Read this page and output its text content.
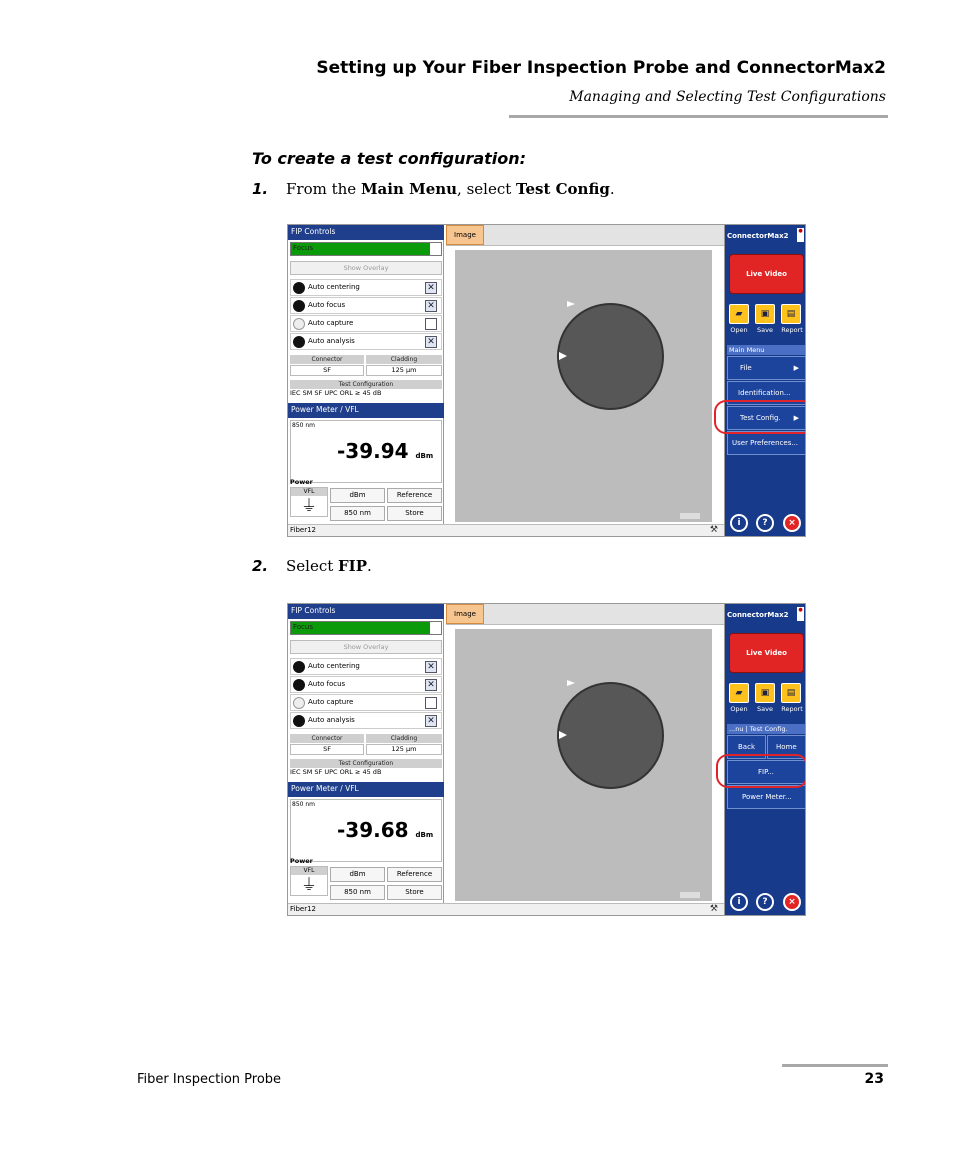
Setting up Your Fiber Inspection Probe and ConnectorMax2
Managing and Selecting Test Configurations
To create a test configuration:
1. From the Main Menu, select Test Config.
FIP Controls
Focus
Show Overlay
Auto centering	✕
Auto focus	✕
Auto capture
Auto analysis	✕
Connector	Cladding
SF	125 µm
Test Configuration
IEC SM SF UPC ORL ≥ 45 dB
Power Meter / VFL
850 nm
-39.94 dBm
Power
VFL
⏚
dBm	Reference
850 nm	Store
Image
Fiber12	⚒
ConnectorMax2
●
Live Video
▰	▣	▤
Open	Save	Report
Main Menu
File	▶
Identification...
Test Config. ▶
User Preferences...
i	?	×
2. Select FIP.
FIP Controls
Focus
Show Overlay
Auto centering	✕
Auto focus	✕
Auto capture
Auto analysis	✕
Connector	Cladding
SF	125 µm
Test Configuration
IEC SM SF UPC ORL ≥ 45 dB
Power Meter / VFL
850 nm
-39.68 dBm
Power
VFL
⏚
dBm	Reference
850 nm	Store
Image
Fiber12	⚒
ConnectorMax2
●
Live Video
▰	▣	▤
Open	Save	Report
...nu | Test Config.
Back	Home
FIP...
Power Meter...
i	?	×
Fiber Inspection Probe	23
